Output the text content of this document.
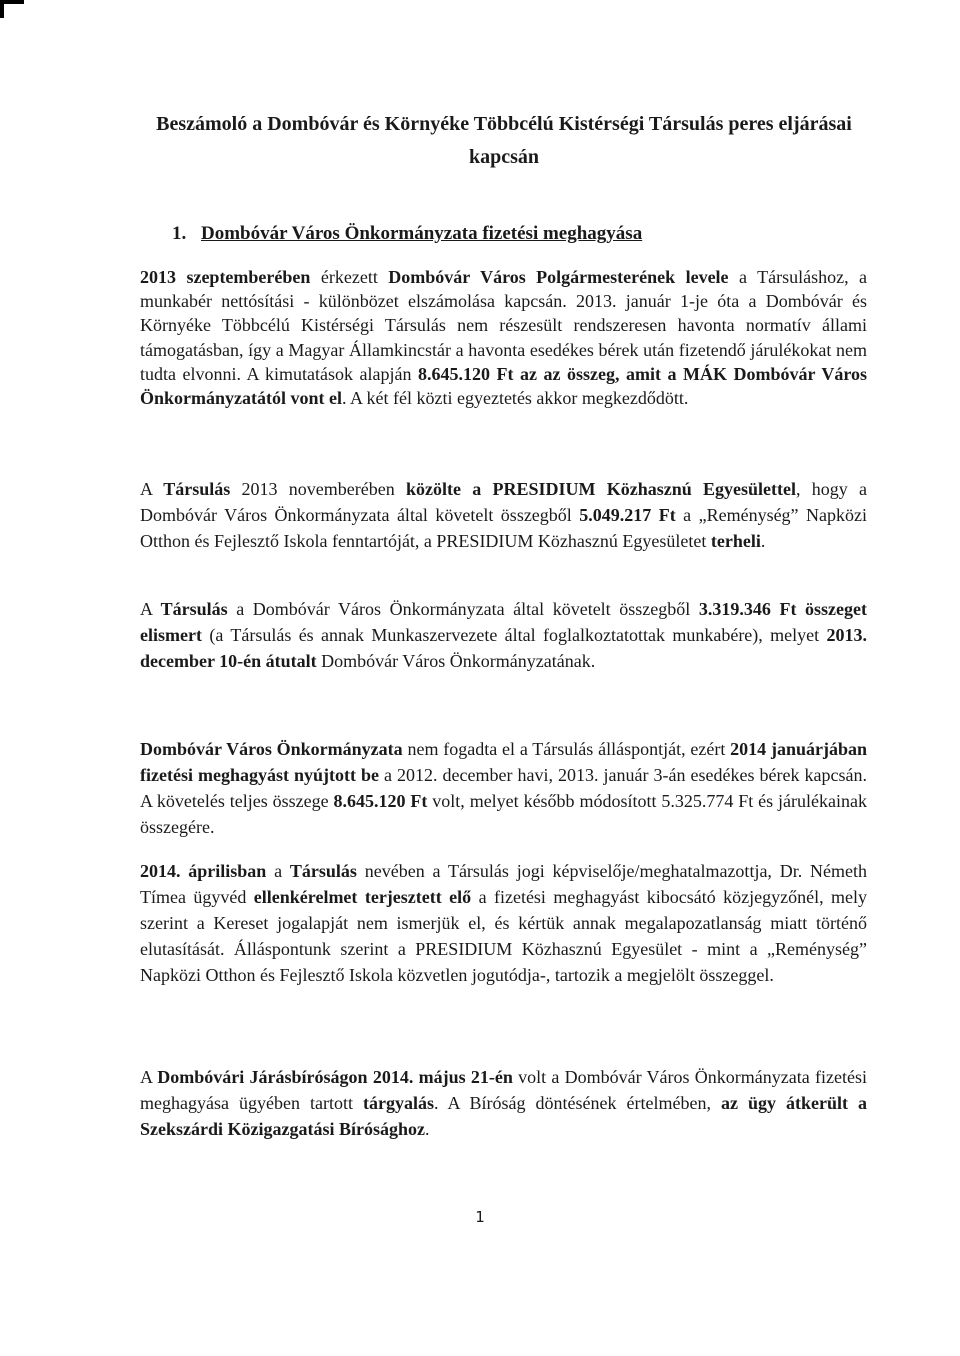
Beszámoló a Dombóvár és Környéke Többcélú Kistérségi Társulás peres eljárásai kapcsán
1. Dombóvár Város Önkormányzata fizetési meghagyása
2013 szeptemberében érkezett Dombóvár Város Polgármesterének levele a Társuláshoz, a munkabér nettósítási - különbözet elszámolása kapcsán. 2013. január 1-je óta a Dombóvár és Környéke Többcélú Kistérségi Társulás nem részesült rendszeresen havonta normatív állami támogatásban, így a Magyar Államkincstár a havonta esedékes bérek után fizetendő járulékokat nem tudta elvonni. A kimutatások alapján 8.645.120 Ft az az összeg, amit a MÁK Dombóvár Város Önkormányzatától vont el. A két fél közti egyeztetés akkor megkezdődött.
A Társulás 2013 novemberében közölte a PRESIDIUM Közhasznú Egyesülettel, hogy a Dombóvár Város Önkormányzata által követelt összegből 5.049.217 Ft a „Reménység” Napközi Otthon és Fejlesztő Iskola fenntartóját, a PRESIDIUM Közhasznú Egyesületet terheli.
A Társulás a Dombóvár Város Önkormányzata által követelt összegből 3.319.346 Ft összeget elismert (a Társulás és annak Munkaszervezete által foglalkoztatottak munkabére), melyet 2013. december 10-én átutalt Dombóvár Város Önkormányzatának.
Dombóvár Város Önkormányzata nem fogadta el a Társulás álláspontját, ezért 2014 januárjában fizetési meghagyást nyújtott be a 2012. december havi, 2013. január 3-án esedékes bérek kapcsán. A követelés teljes összege 8.645.120 Ft volt, melyet később módosított 5.325.774 Ft és járulékainak összegére.
2014. áprilisban a Társulás nevében a Társulás jogi képviselője/meghatalmazottja, Dr. Németh Tímea ügyvéd ellenkérelmet terjesztett elő a fizetési meghagyást kibocsátó közjegyzőnél, mely szerint a Kereset jogalapját nem ismerjük el, és kértük annak megalapozatlanság miatt történő elutasítását. Álláspontunk szerint a PRESIDIUM Közhasznú Egyesület - mint a „Reménység” Napközi Otthon és Fejlesztő Iskola közvetlen jogutódja-, tartozik a megjelölt összeggel.
A Dombóvári Járásbíróságon 2014. május 21-én volt a Dombóvár Város Önkormányzata fizetési meghagyása ügyében tartott tárgyalás. A Bíróság döntésének értelmében, az ügy átkerült a Szekszárdi Közigazgatási Bírósághoz.
1
